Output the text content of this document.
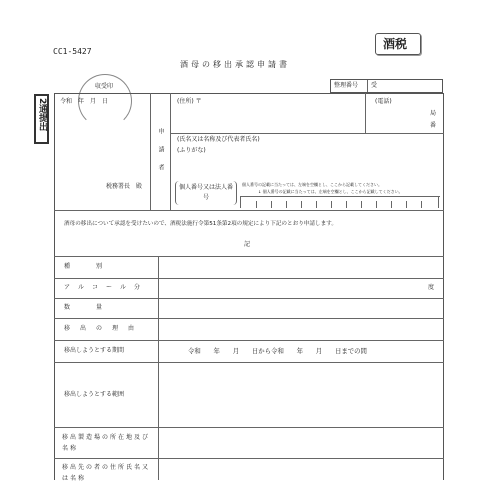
酒税
CC1-5427
酒母の移出承認申請書
収受印	整理番号 受
2通提出 令和　年　月　日
税務署長　殿
申請者
(住所) 〒	(電話)
局
番
(氏名又は名称及び代表者氏名)
(ふりがな)
個人番号又は法人番号
個人番号の記載に当たっては、左端を空欄とし、ここから記載してください。
↓ 個人番号の記載に当たっては、左端を空欄とし、ここから記載してください。
酒母の移出について承認を受けたいので、酒税法施行令第51条第2項の規定により下記のとおり申請します。
記
種　　　別
ア　ル　コ　ー　ル　分
数　　　量
移　出　の　理　由
移出しようとする期間
移出しようとする範囲
移出製造場の所在地及び名称
移出先の者の住所氏名又は名称
度
令和　　年　　月　　日から令和　　年　　月　　日までの間
